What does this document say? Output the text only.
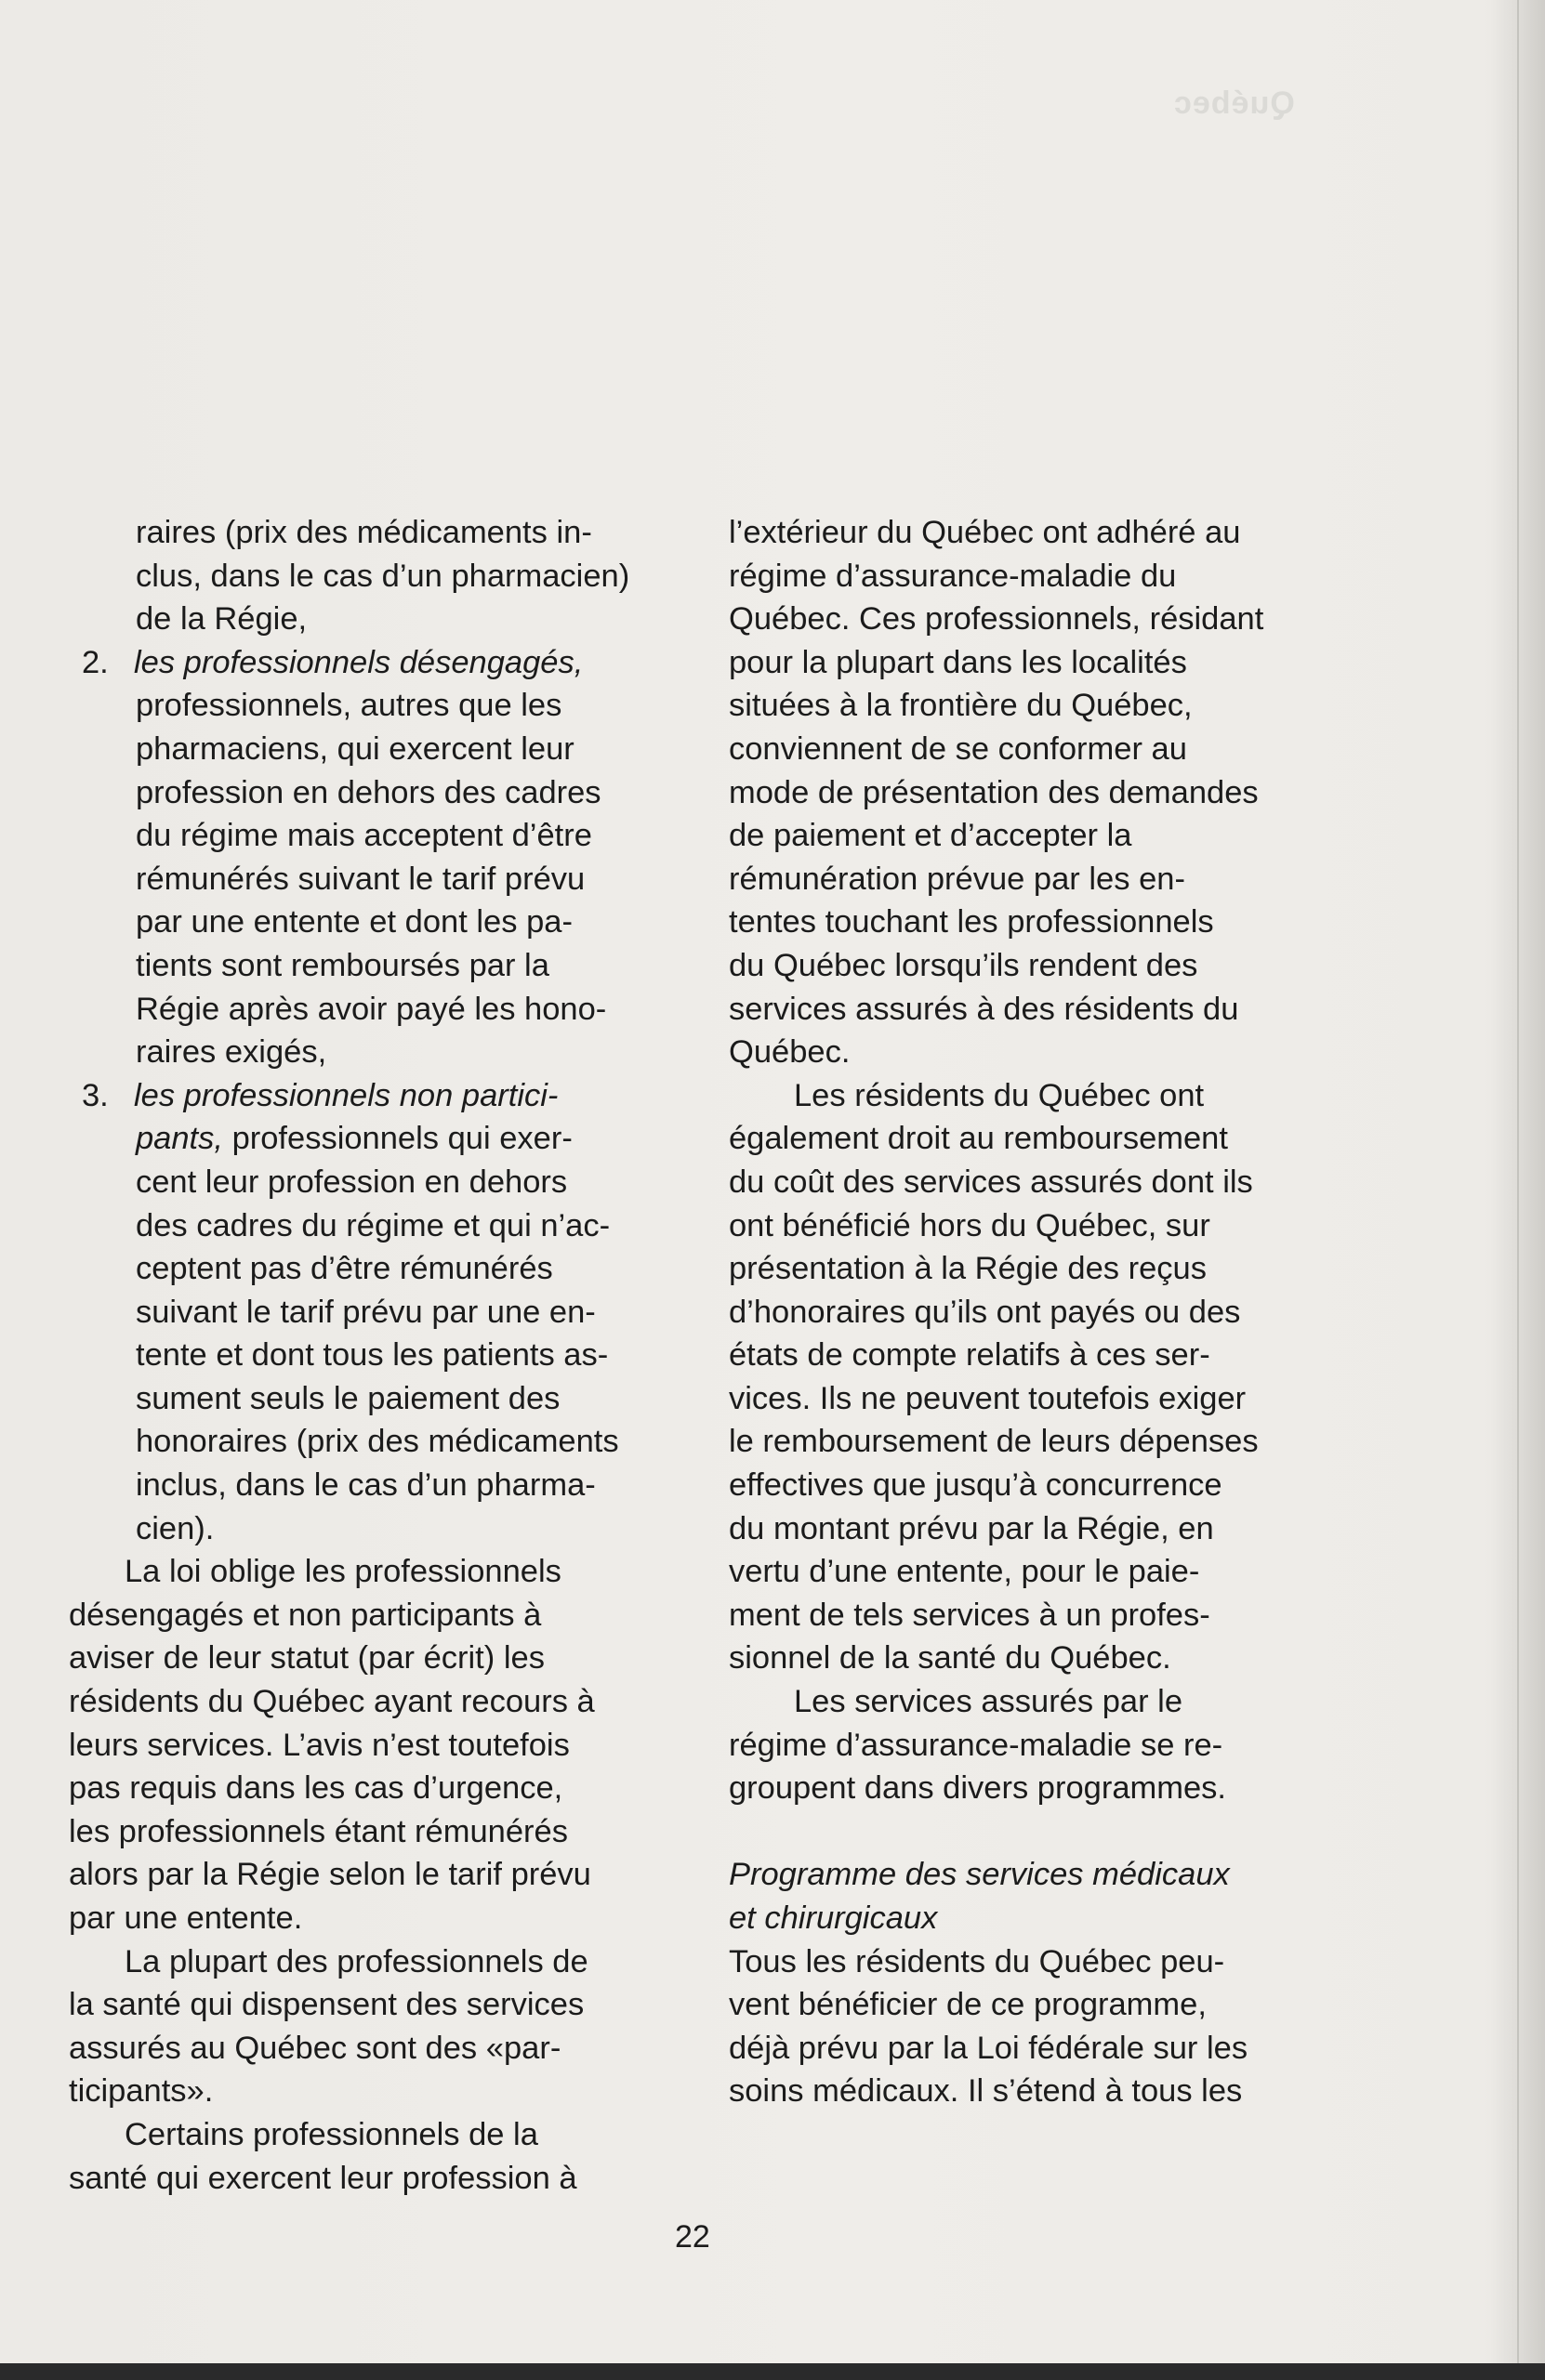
Québec
raires (prix des médicaments in-
clus, dans le cas d’un pharmacien)
de la Régie,
2. les professionnels désengagés,
professionnels, autres que les
pharmaciens, qui exercent leur
profession en dehors des cadres
du régime mais acceptent d’être
rémunérés suivant le tarif prévu
par une entente et dont les pa-
tients sont remboursés par la
Régie après avoir payé les hono-
raires exigés,
3. les professionnels non partici-
pants, professionnels qui exer-
cent leur profession en dehors
des cadres du régime et qui n’ac-
ceptent pas d’être rémunérés
suivant le tarif prévu par une en-
tente et dont tous les patients as-
sument seuls le paiement des
honoraires (prix des médicaments
inclus, dans le cas d’un pharma-
cien).
La loi oblige les professionnels
désengagés et non participants à
aviser de leur statut (par écrit) les
résidents du Québec ayant recours à
leurs services. L’avis n’est toutefois
pas requis dans les cas d’urgence,
les professionnels étant rémunérés
alors par la Régie selon le tarif prévu
par une entente.
La plupart des professionnels de
la santé qui dispensent des services
assurés au Québec sont des «par-
ticipants».
Certains professionnels de la
santé qui exercent leur profession à
l’extérieur du Québec ont adhéré au
régime d’assurance-maladie du
Québec. Ces professionnels, résidant
pour la plupart dans les localités
situées à la frontière du Québec,
conviennent de se conformer au
mode de présentation des demandes
de paiement et d’accepter la
rémunération prévue par les en-
tentes touchant les professionnels
du Québec lorsqu’ils rendent des
services assurés à des résidents du
Québec.
Les résidents du Québec ont
également droit au remboursement
du coût des services assurés dont ils
ont bénéficié hors du Québec, sur
présentation à la Régie des reçus
d’honoraires qu’ils ont payés ou des
états de compte relatifs à ces ser-
vices. Ils ne peuvent toutefois exiger
le remboursement de leurs dépenses
effectives que jusqu’à concurrence
du montant prévu par la Régie, en
vertu d’une entente, pour le paie-
ment de tels services à un profes-
sionnel de la santé du Québec.
Les services assurés par le
régime d’assurance-maladie se re-
groupent dans divers programmes.
Programme des services médicaux
et chirurgicaux
Tous les résidents du Québec peu-
vent bénéficier de ce programme,
déjà prévu par la Loi fédérale sur les
soins médicaux. Il s’étend à tous les
22
